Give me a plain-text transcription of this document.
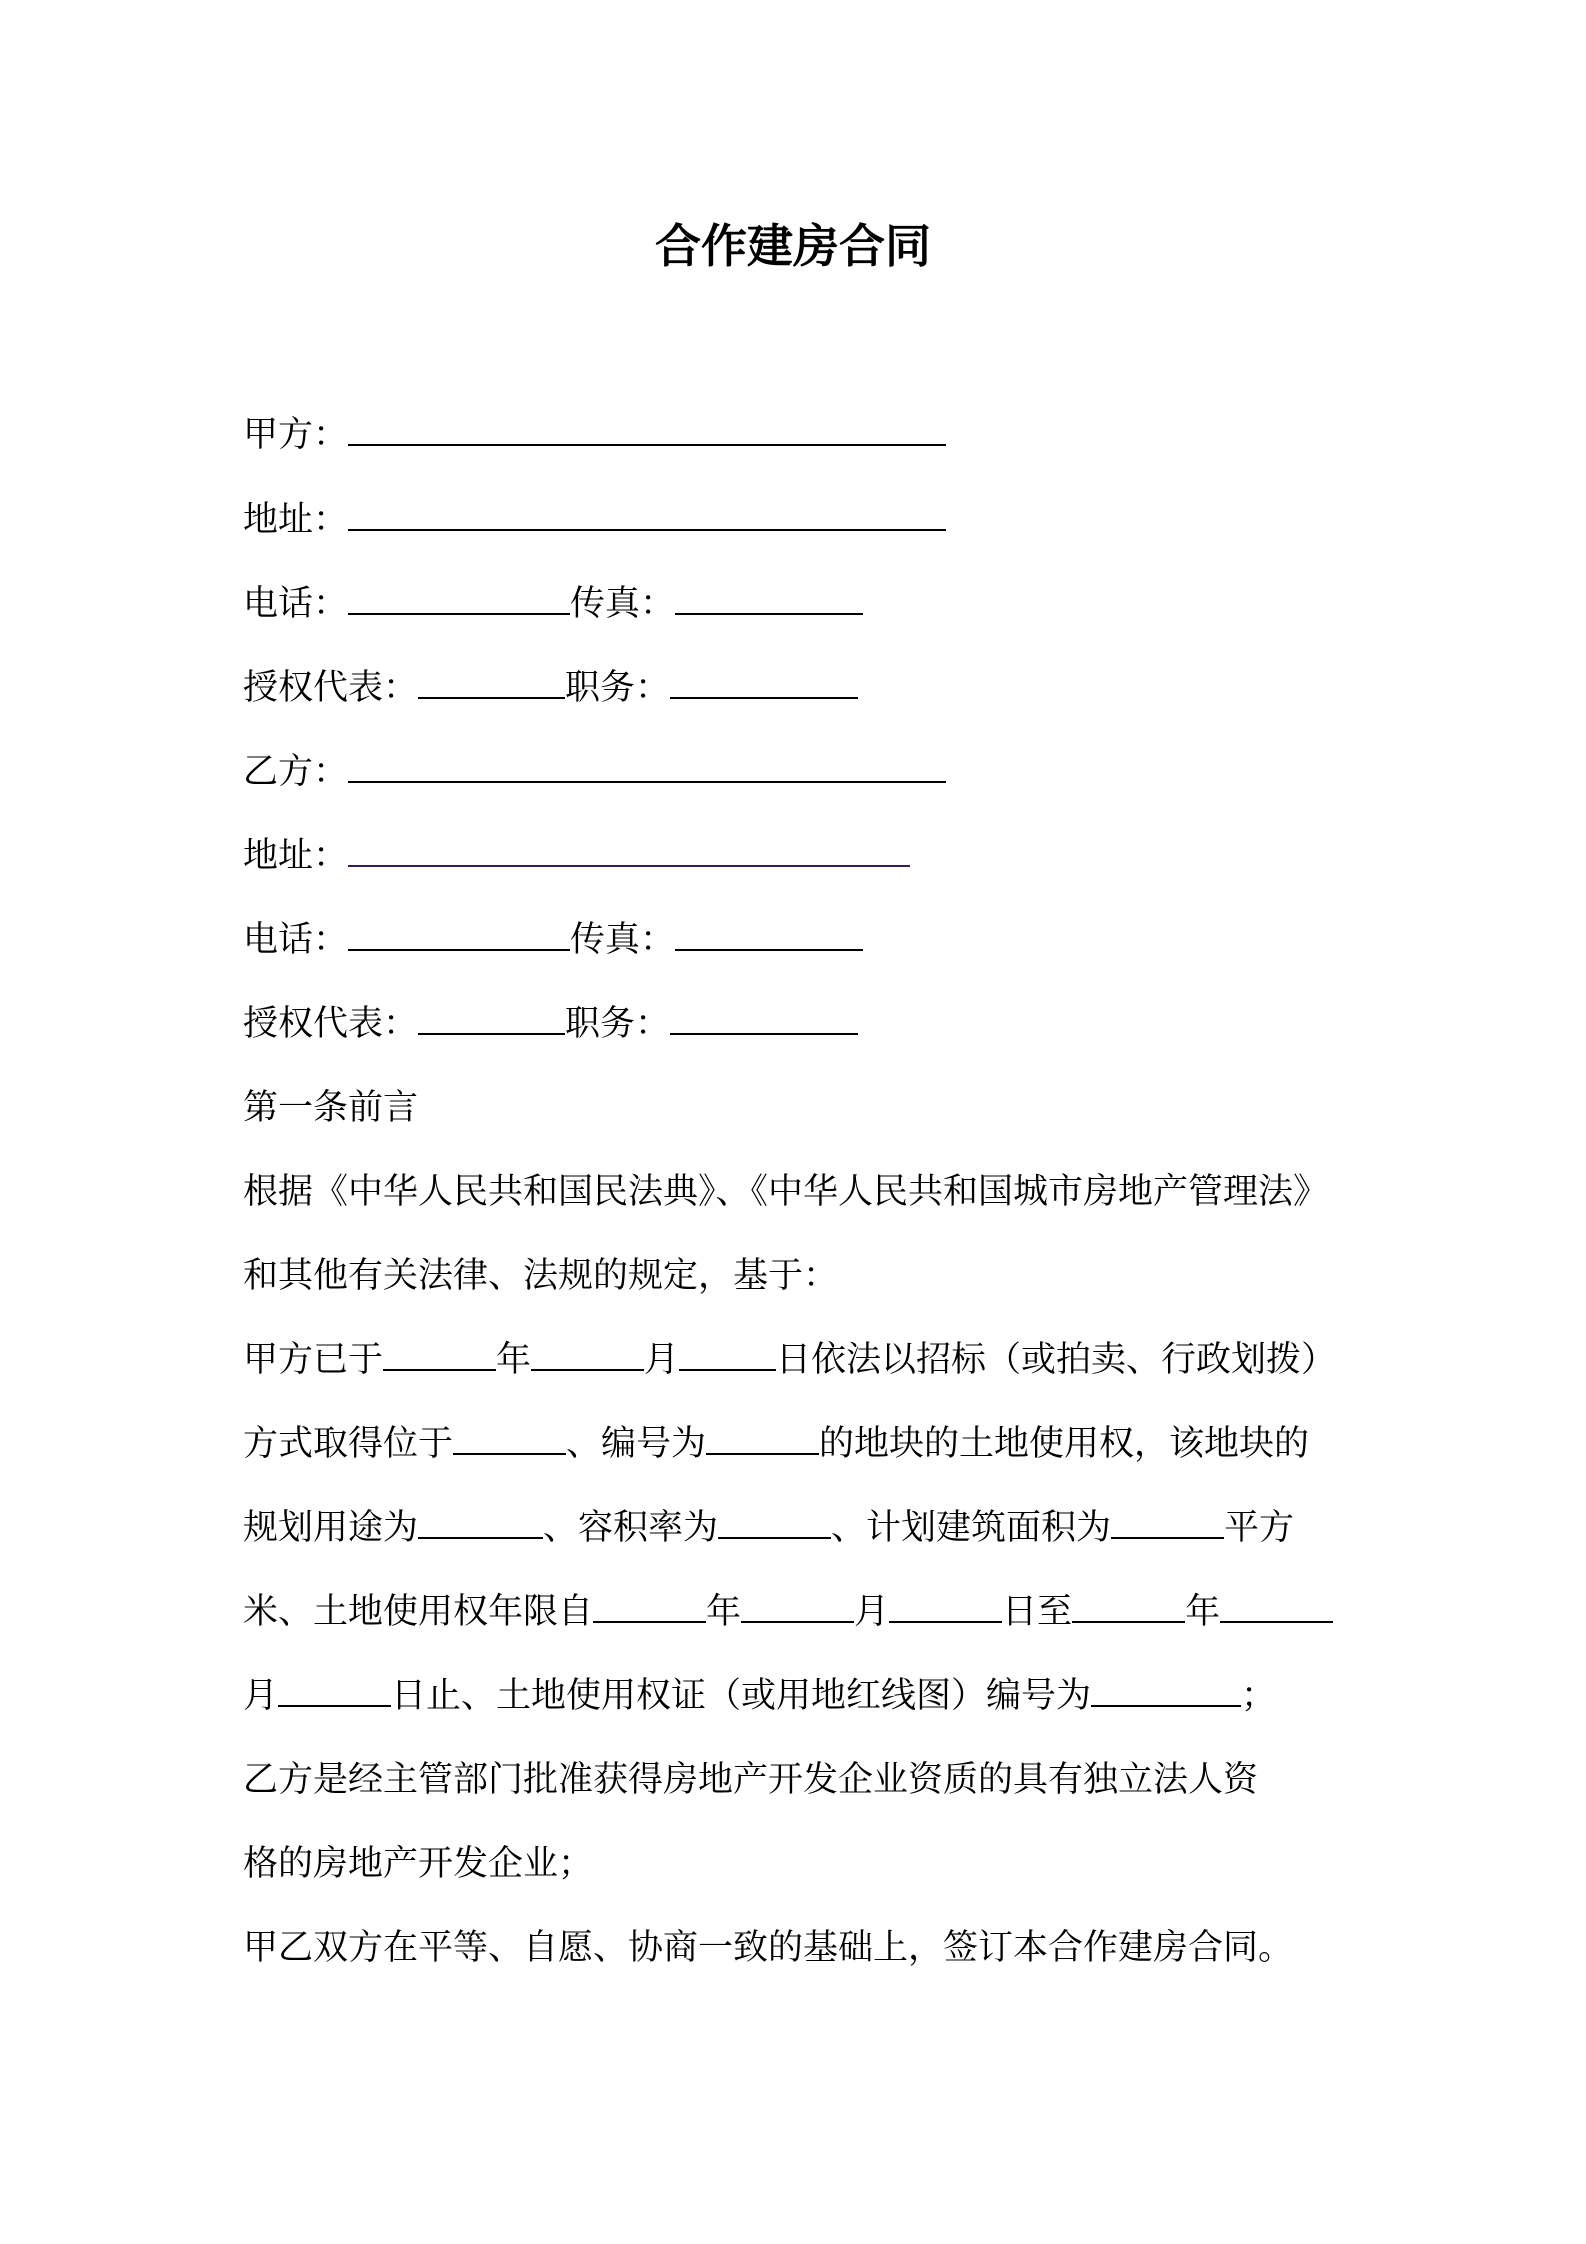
合作建房合同
甲方：
地址：
电话：	传真：
授权代表：	职务：
乙方：
地址：
电话：	传真：
授权代表：	职务：
第一条前言
根据《中华人民共和国民法典》、《中华人民共和国城市房地产管理法》
和其他有关法律、法规的规定，基于：
甲方已于	年	月	日依法以招标（或拍卖、行政划拨）
方式取得位于	、编号为	的地块的土地使用权，该地块的
规划用途为	、容积率为	、计划建筑面积为	平方
米、土地使用权年限自	年	月	日至	年
月	日止、土地使用权证（或用地红线图）编号为	；
乙方是经主管部门批准获得房地产开发企业资质的具有独立法人资
格的房地产开发企业；
甲乙双方在平等、自愿、协商一致的基础上，签订本合作建房合同。
